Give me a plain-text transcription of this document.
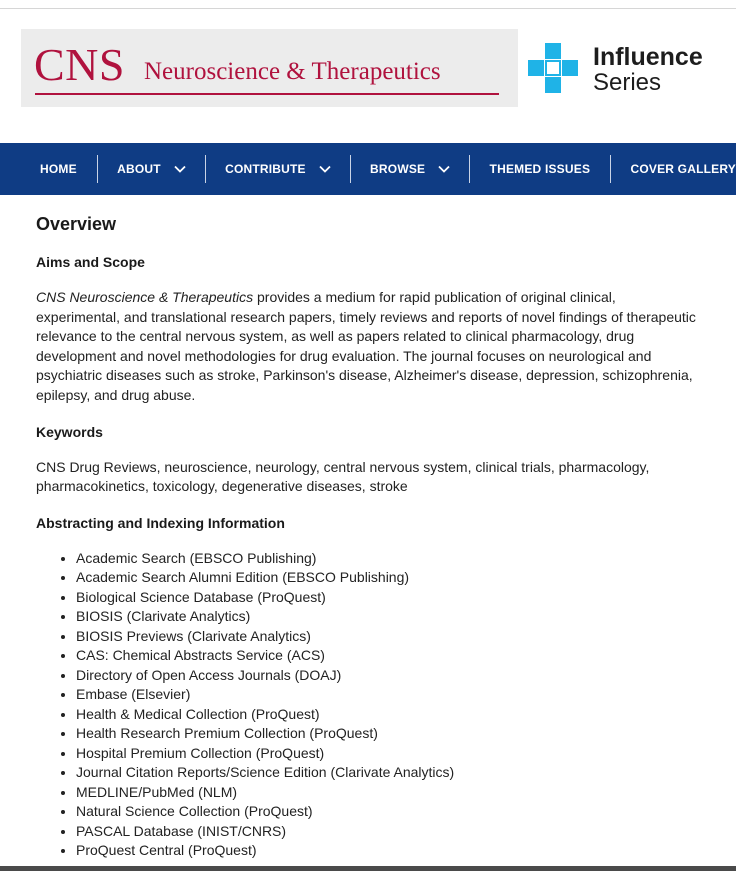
CNS Neuroscience & Therapeutics
Influence
Series
HOME	ABOUT	CONTRIBUTE	BROWSE	THEMED ISSUES	COVER GALLERY
Overview
Aims and Scope

CNS Neuroscience & Therapeutics provides a medium for rapid publication of original clinical, experimental, and translational research papers, timely reviews and reports of novel findings of therapeutic relevance to the central nervous system, as well as papers related to clinical pharmacology, drug development and novel methodologies for drug evaluation. The journal focuses on neurological and psychiatric diseases such as stroke, Parkinson's disease, Alzheimer's disease, depression, schizophrenia, epilepsy, and drug abuse.

Keywords

CNS Drug Reviews, neuroscience, neurology, central nervous system, clinical trials, pharmacology, pharmacokinetics, toxicology, degenerative diseases, stroke

Abstracting and Indexing Information
• Academic Search (EBSCO Publishing)
• Academic Search Alumni Edition (EBSCO Publishing)
• Biological Science Database (ProQuest)
• BIOSIS (Clarivate Analytics)
• BIOSIS Previews (Clarivate Analytics)
• CAS: Chemical Abstracts Service (ACS)
• Directory of Open Access Journals (DOAJ)
• Embase (Elsevier)
• Health & Medical Collection (ProQuest)
• Health Research Premium Collection (ProQuest)
• Hospital Premium Collection (ProQuest)
• Journal Citation Reports/Science Edition (Clarivate Analytics)
• MEDLINE/PubMed (NLM)
• Natural Science Collection (ProQuest)
• PASCAL Database (INIST/CNRS)
• ProQuest Central (ProQuest)
